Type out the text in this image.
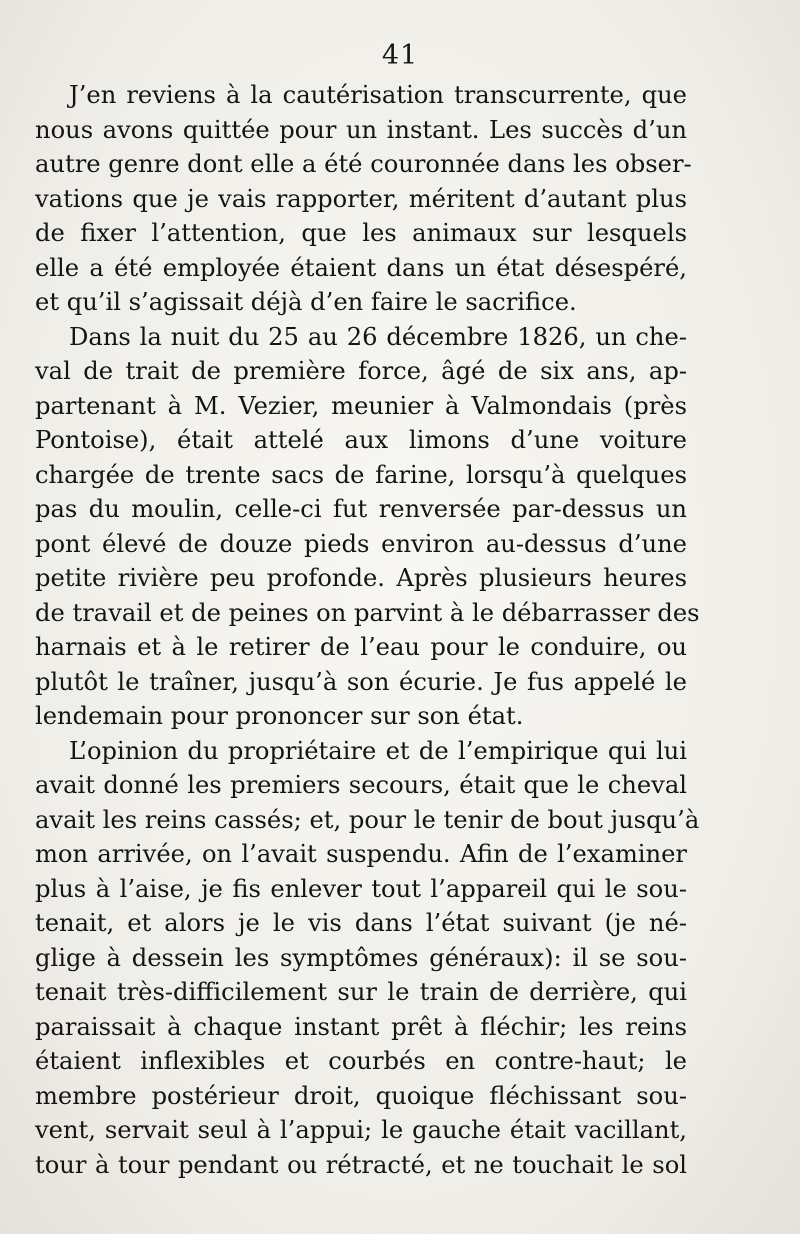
41
J’en reviens à la cautérisation transcurrente, que
nous avons quittée pour un instant. Les succès d’un
autre genre dont elle a été couronnée dans les obser-
vations que je vais rapporter, méritent d’autant plus
de fixer l’attention, que les animaux sur lesquels
elle a été employée étaient dans un état désespéré,
et qu’il s’agissait déjà d’en faire le sacrifice.
Dans la nuit du 25 au 26 décembre 1826, un che-
val de trait de première force, âgé de six ans, ap-
partenant à M. Vezier, meunier à Valmondais (près
Pontoise), était attelé aux limons d’une voiture
chargée de trente sacs de farine, lorsqu’à quelques
pas du moulin, celle-ci fut renversée par-dessus un
pont élevé de douze pieds environ au-dessus d’une
petite rivière peu profonde. Après plusieurs heures
de travail et de peines on parvint à le débarrasser des
harnais et à le retirer de l’eau pour le conduire, ou
plutôt le traîner, jusqu’à son écurie. Je fus appelé le
lendemain pour prononcer sur son état.
L’opinion du propriétaire et de l’empirique qui lui
avait donné les premiers secours, était que le cheval
avait les reins cassés; et, pour le tenir de bout jusqu’à
mon arrivée, on l’avait suspendu. Afin de l’examiner
plus à l’aise, je fis enlever tout l’appareil qui le sou-
tenait, et alors je le vis dans l’état suivant (je né-
glige à dessein les symptômes généraux): il se sou-
tenait très-difficilement sur le train de derrière, qui
paraissait à chaque instant prêt à fléchir; les reins
étaient inflexibles et courbés en contre-haut; le
membre postérieur droit, quoique fléchissant sou-
vent, servait seul à l’appui; le gauche était vacillant,
tour à tour pendant ou rétracté, et ne touchait le sol
